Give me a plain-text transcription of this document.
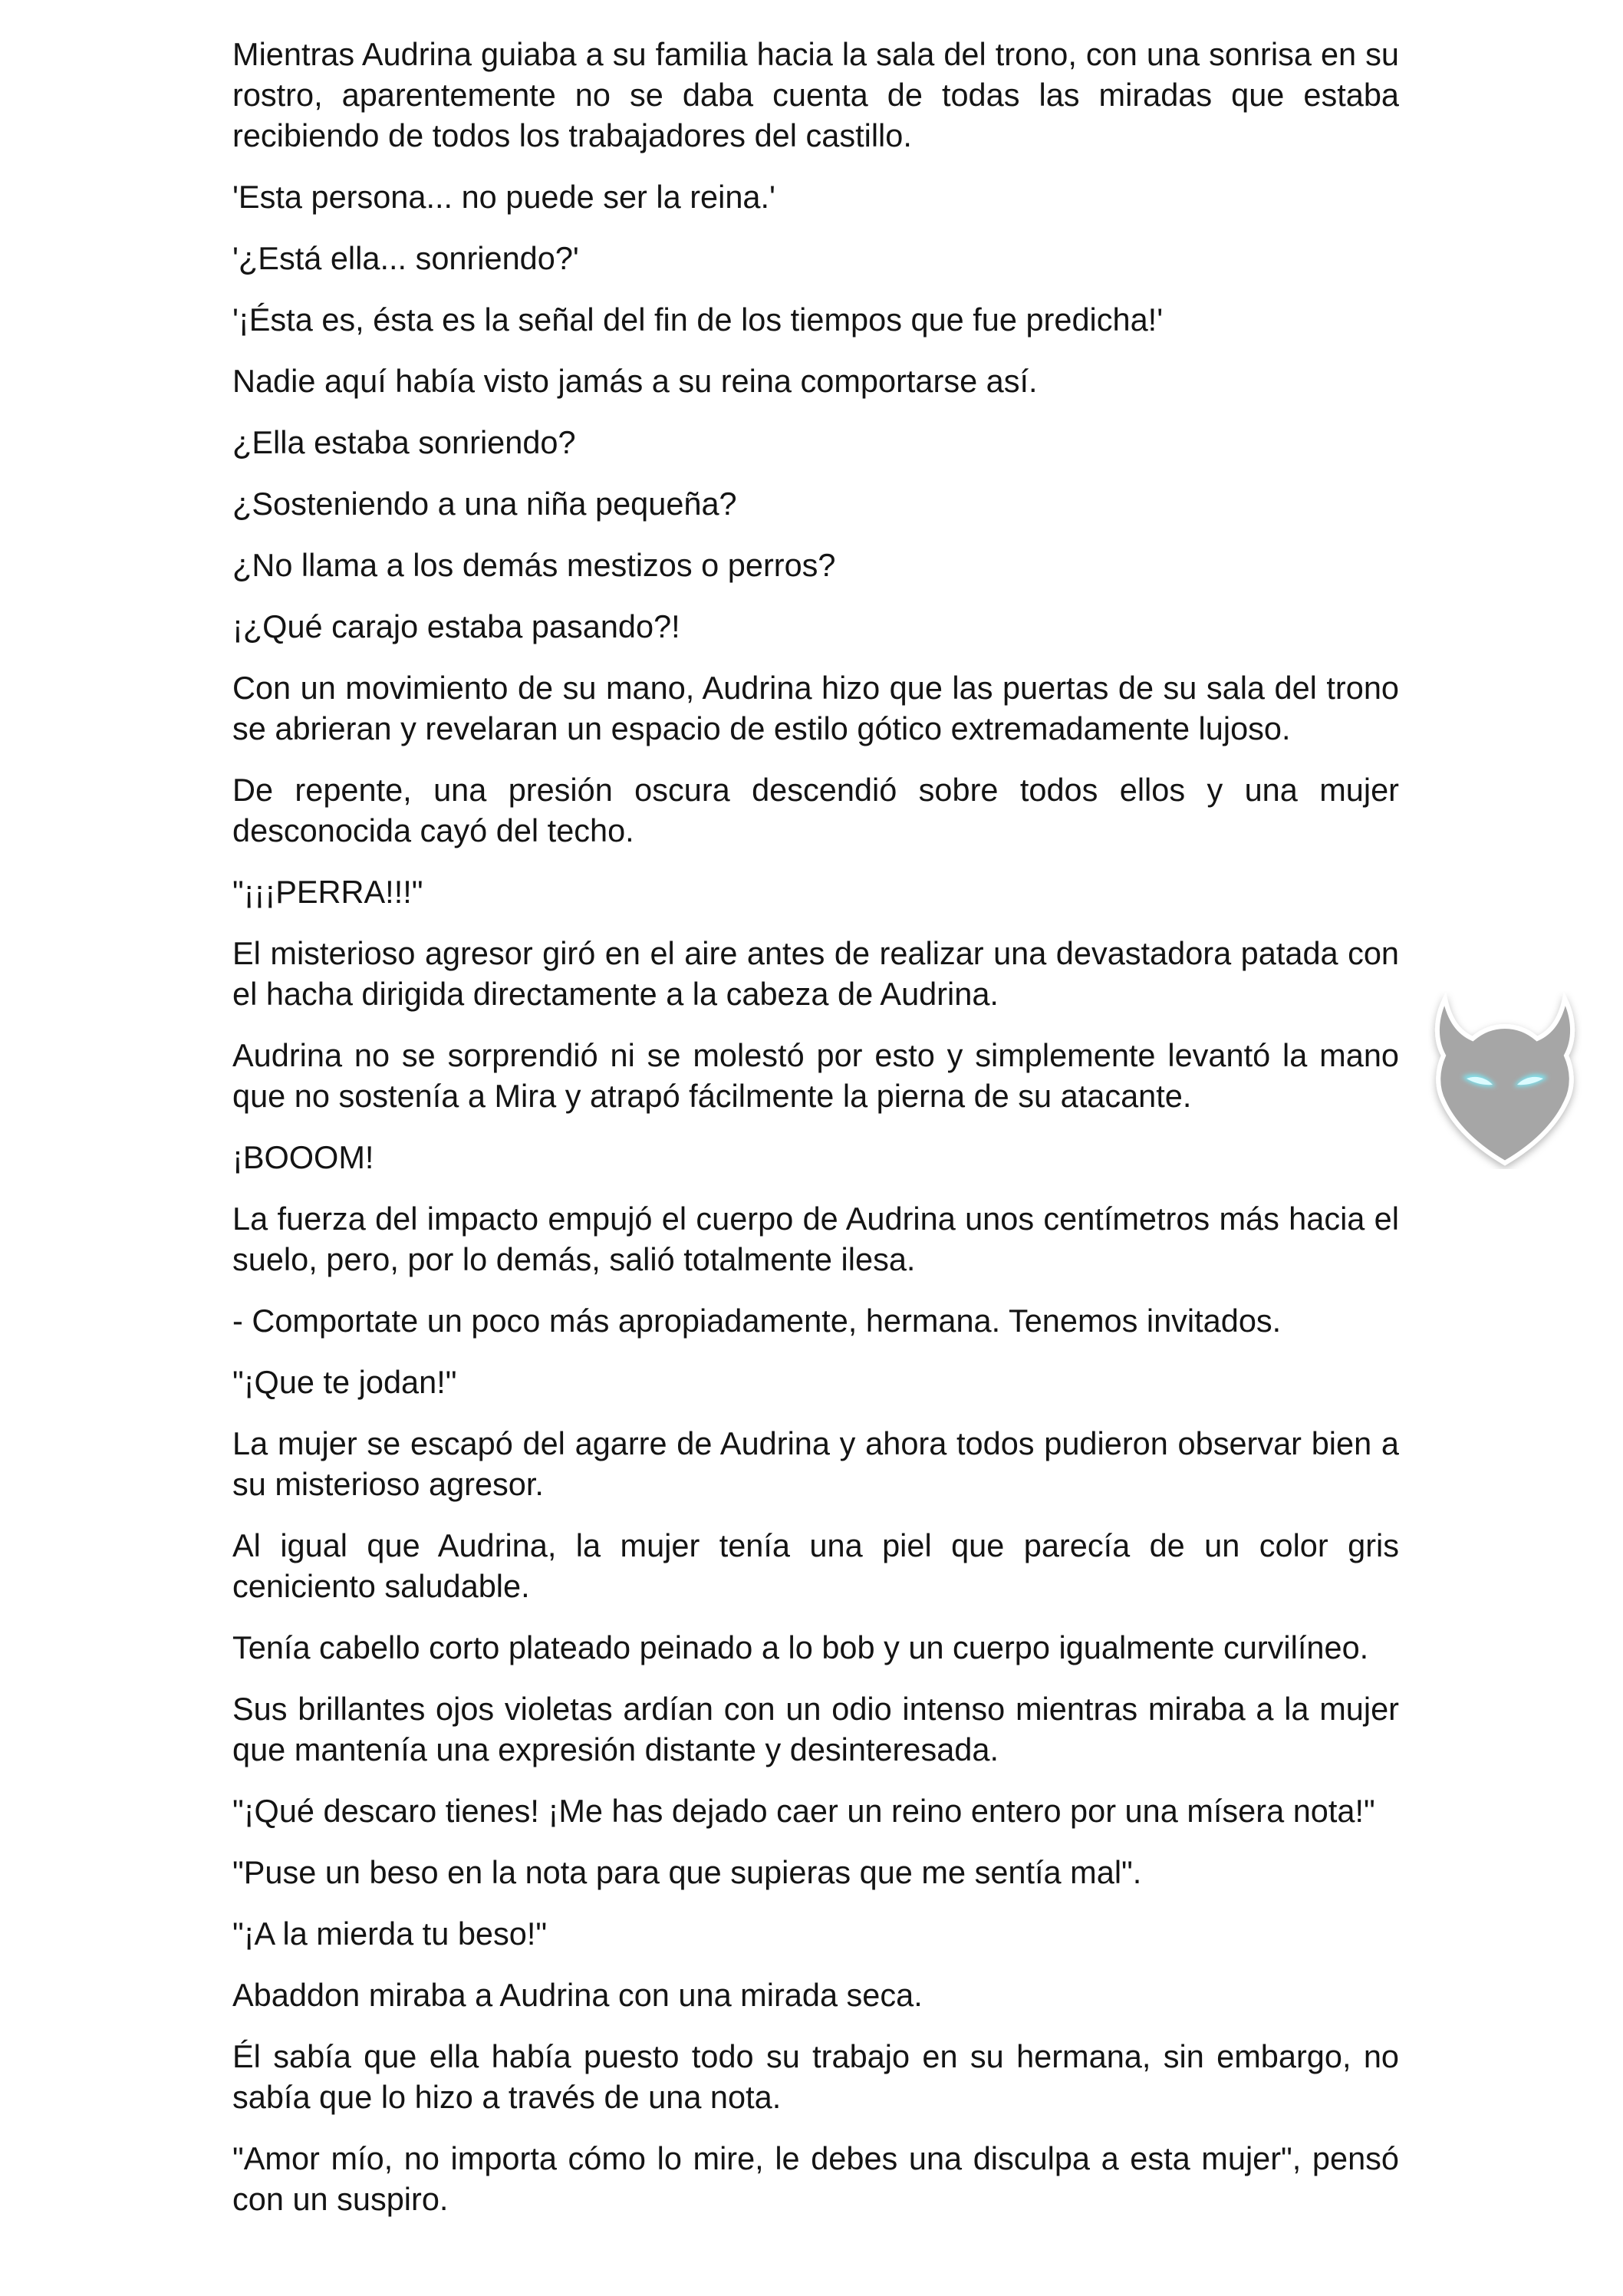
Mientras Audrina guiaba a su familia hacia la sala del trono, con una sonrisa en su rostro, aparentemente no se daba cuenta de todas las miradas que estaba recibiendo de todos los trabajadores del castillo.

'Esta persona... no puede ser la reina.'

'¿Está ella... sonriendo?'

'¡Ésta es, ésta es la señal del fin de los tiempos que fue predicha!'

Nadie aquí había visto jamás a su reina comportarse así.

¿Ella estaba sonriendo?

¿Sosteniendo a una niña pequeña?

¿No llama a los demás mestizos o perros?

¡¿Qué carajo estaba pasando?!

Con un movimiento de su mano, Audrina hizo que las puertas de su sala del trono se abrieran y revelaran un espacio de estilo gótico extremadamente lujoso.

De repente, una presión oscura descendió sobre todos ellos y una mujer desconocida cayó del techo.

"¡¡¡PERRA!!!"

El misterioso agresor giró en el aire antes de realizar una devastadora patada con el hacha dirigida directamente a la cabeza de Audrina.

Audrina no se sorprendió ni se molestó por esto y simplemente levantó la mano que no sostenía a Mira y atrapó fácilmente la pierna de su atacante.

¡BOOOM!

La fuerza del impacto empujó el cuerpo de Audrina unos centímetros más hacia el suelo, pero, por lo demás, salió totalmente ilesa.

- Comportate un poco más apropiadamente, hermana. Tenemos invitados.

"¡Que te jodan!"

La mujer se escapó del agarre de Audrina y ahora todos pudieron observar bien a su misterioso agresor.

Al igual que Audrina, la mujer tenía una piel que parecía de un color gris ceniciento saludable.

Tenía cabello corto plateado peinado a lo bob y un cuerpo igualmente curvilíneo.

Sus brillantes ojos violetas ardían con un odio intenso mientras miraba a la mujer que mantenía una expresión distante y desinteresada.

"¡Qué descaro tienes! ¡Me has dejado caer un reino entero por una mísera nota!"

"Puse un beso en la nota para que supieras que me sentía mal".

"¡A la mierda tu beso!"

Abaddon miraba a Audrina con una mirada seca.

Él sabía que ella había puesto todo su trabajo en su hermana, sin embargo, no sabía que lo hizo a través de una nota.

"Amor mío, no importa cómo lo mire, le debes una disculpa a esta mujer", pensó con un suspiro.
